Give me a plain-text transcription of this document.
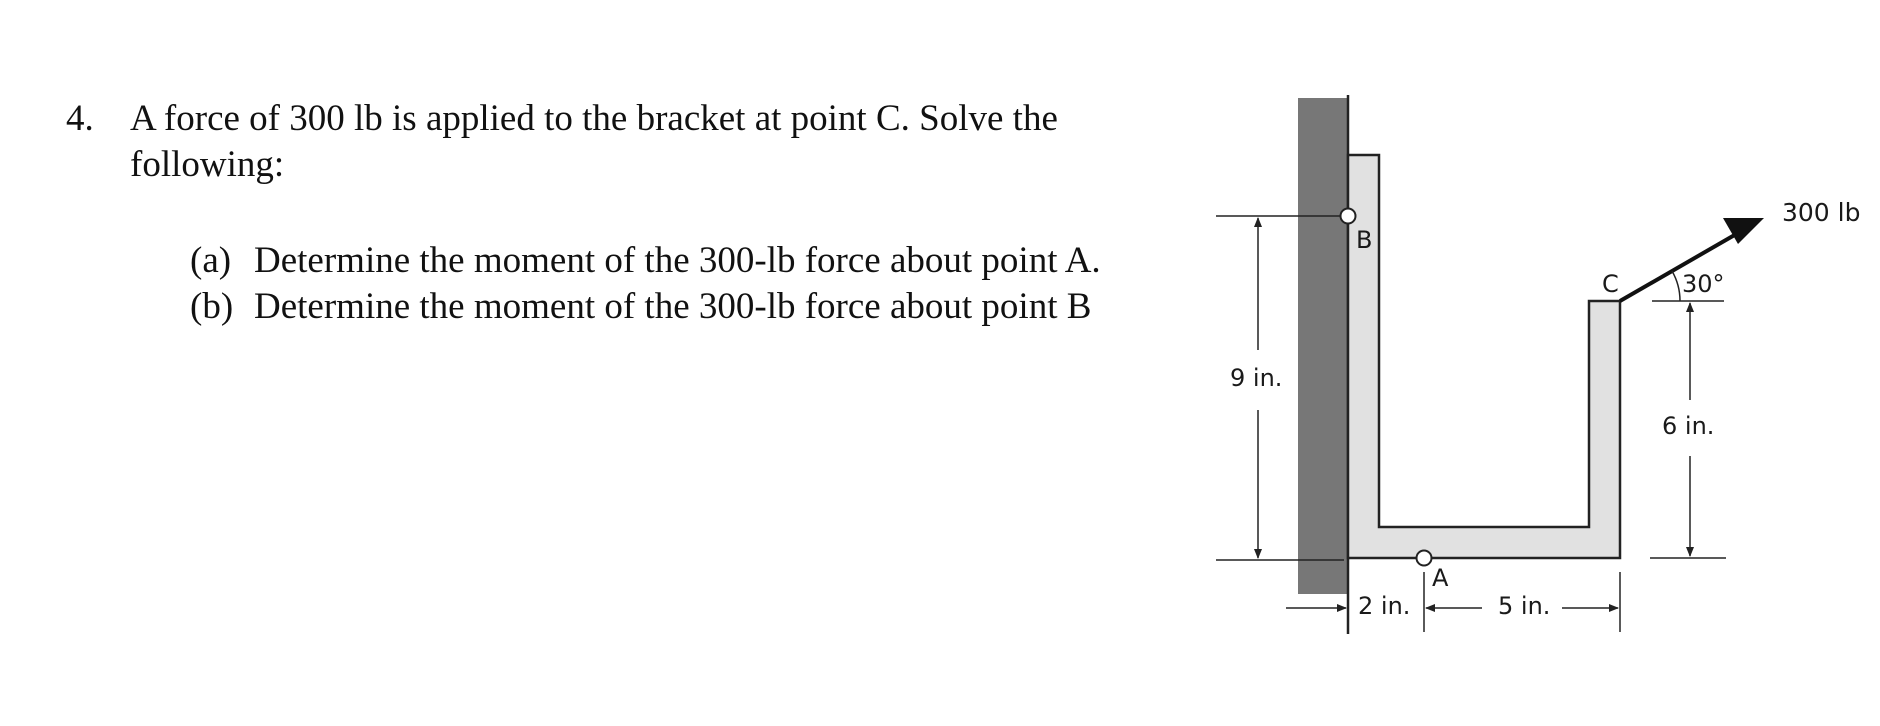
4. A force of 300 lb is applied to the bracket at point C. Solve the following:
(a) Determine the moment of the 300-lb force about point A.
(b) Determine the moment of the 300-lb force about point B
B
A
C
300 lb
30°
9 in.
6 in.
2 in.	5 in.
